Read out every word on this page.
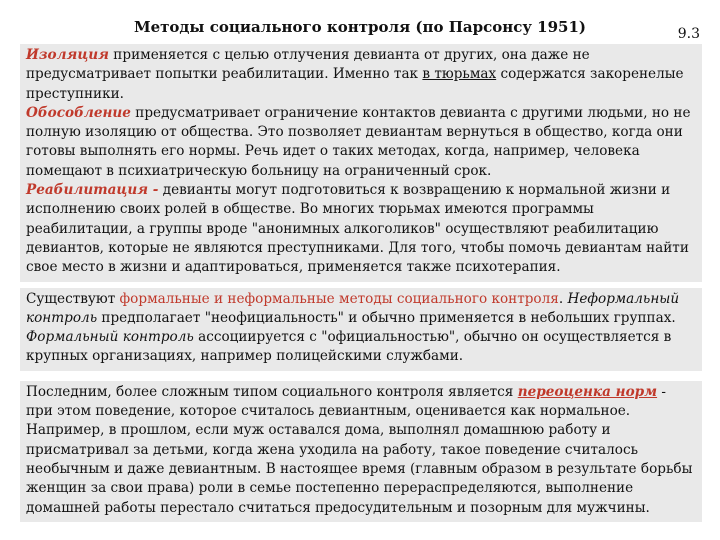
Методы социального контроля (по Парсонсу 1951)	9.3

Изоляция применяется с целью отлучения девианта от других, она даже не предусматривает попытки реабилитации. Именно так в тюрьмах содержатся закоренелые преступники.
Обособление предусматривает ограничение контактов девианта с другими людьми, но не полную изоляцию от общества. Это позволяет девиантам вернуться в общество, когда они готовы выполнять его нормы. Речь идет о таких методах, когда, например, человека помещают в психиатрическую больницу на ограниченный срок.
Реабилитация - девианты могут подготовиться к возвращению к нормальной жизни и исполнению своих ролей в обществе. Во многих тюрьмах имеются программы реабилитации, а группы вроде "анонимных алкоголиков" осуществляют реабилитацию девиантов, которые не являются преступниками. Для того, чтобы помочь девиантам найти свое место в жизни и адаптироваться, применяется также психотерапия.

Существуют формальные и неформальные методы социального контроля. Неформальный контроль предполагает "неофициальность" и обычно применяется в небольших группах. Формальный контроль ассоциируется с "официальностью", обычно он осуществляется в крупных организациях, например полицейскими службами.

Последним, более сложным типом социального контроля является переоценка норм - при этом поведение, которое считалось девиантным, оценивается как нормальное. Например, в прошлом, если муж оставался дома, выполнял домашнюю работу и присматривал за детьми, когда жена уходила на работу, такое поведение считалось необычным и даже девиантным. В настоящее время (главным образом в результате борьбы женщин за свои права) роли в семье постепенно перераспределяются, выполнение домашней работы перестало считаться предосудительным и позорным для мужчины.
